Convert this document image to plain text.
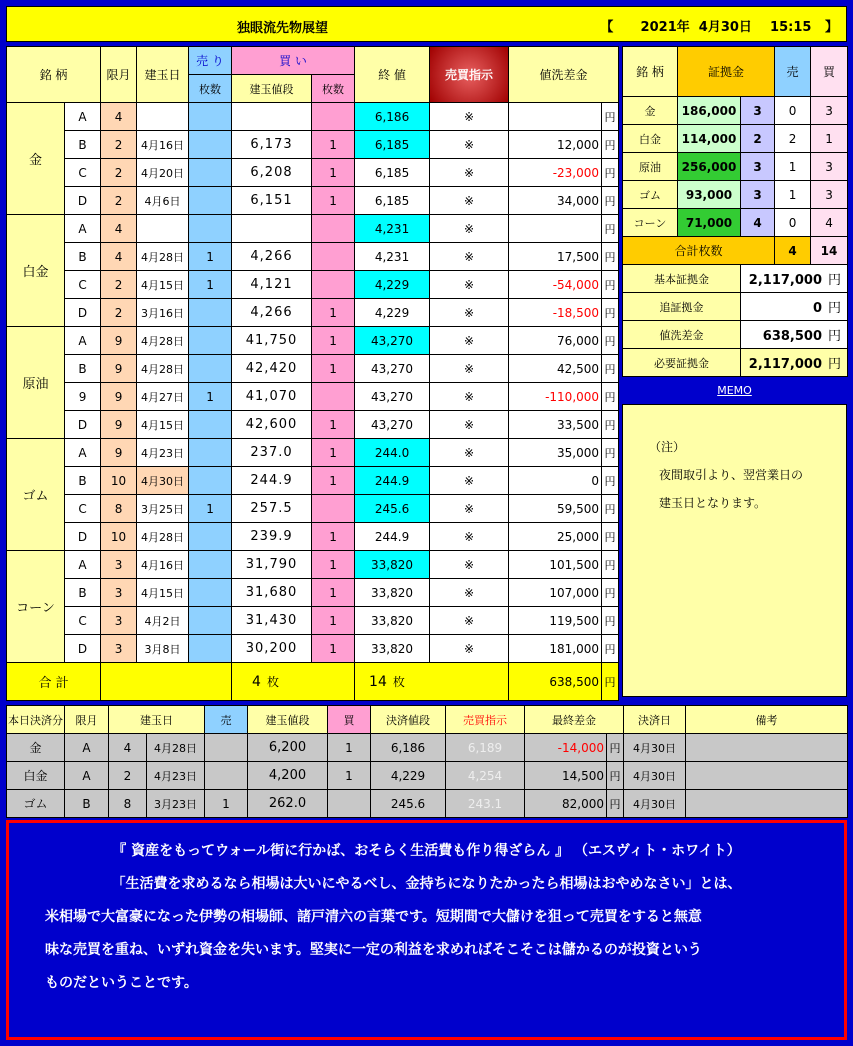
独眼流先物展望	【      2021年  4月30日    15:15   】
銘 柄		限月	建玉日	売 り	買 い		終 値	売買指示	値洗差金	
				枚数	建玉値段	枚数				
金	A	4					6,186	※		円
	B	2	4月16日		6,173	1	6,185	※	12,000	円
	C	2	4月20日		6,208	1	6,185	※	-23,000	円
	D	2	4月6日		6,151	1	6,185	※	34,000	円
白金	A	4					4,231	※		円
	B	4	4月28日	1	4,266		4,231	※	17,500	円
	C	2	4月15日	1	4,121		4,229	※	-54,000	円
	D	2	3月16日		4,266	1	4,229	※	-18,500	円
原油	A	9	4月28日		41,750	1	43,270	※	76,000	円
	B	9	4月28日		42,420	1	43,270	※	42,500	円
	9	9	4月27日	1	41,070		43,270	※	-110,000	円
	D	9	4月15日		42,600	1	43,270	※	33,500	円
ゴム	A	9	4月23日		237.0	1	244.0	※	35,000	円
	B	10	4月30日		244.9	1	244.9	※	0	円
	C	8	3月25日	1	257.5		245.6	※	59,500	円
	D	10	4月28日		239.9	1	244.9	※	25,000	円
コーン	A	3	4月16日		31,790	1	33,820	※	101,500	円
	B	3	4月15日		31,680	1	33,820	※	107,000	円
	C	3	4月2日		31,430	1	33,820	※	119,500	円
	D	3	3月8日		30,200	1	33,820	※	181,000	円
合 計					4 枚		14 枚		638,500	円
銘 柄	証拠金		売	買
金	186,000	3	0	3
白金	114,000	2	2	1
原油	256,000	3	1	3
ゴム	93,000	3	1	3
コーン	71,000	4	0	4
合計枚数			4	14
基本証拠金		2,117,000 円		
追証拠金		0 円		
値洗差金		638,500 円		
必要証拠金		2,117,000 円		
MEMO
（注）
夜間取引より、翌営業日の
建玉日となります。
本日決済分	限月	建玉日		売	建玉値段	買	決済値段	売買指示	最終差金		決済日	備考
金	A	4	4月28日		6,200	1	6,186	6,189	-14,000	円	4月30日	
白金	A	2	4月23日		4,200	1	4,229	4,254	14,500	円	4月30日	
ゴム	B	8	3月23日	1	262.0		245.6	243.1	82,000	円	4月30日	

『 資産をもってウォール街に行かば、おそらく生活費も作り得ざらん 』 （エスヴィト・ホワイト）

「生活費を求めるなら相場は大いにやるべし、金持ちになりたかったら相場はおやめなさい」とは、

米相場で大富豪になった伊勢の相場師、諸戸清六の言葉です。短期間で大儲けを狙って売買をすると無意

味な売買を重ね、いずれ資金を失います。堅実に一定の利益を求めればそこそこは儲かるのが投資という

ものだということです。
